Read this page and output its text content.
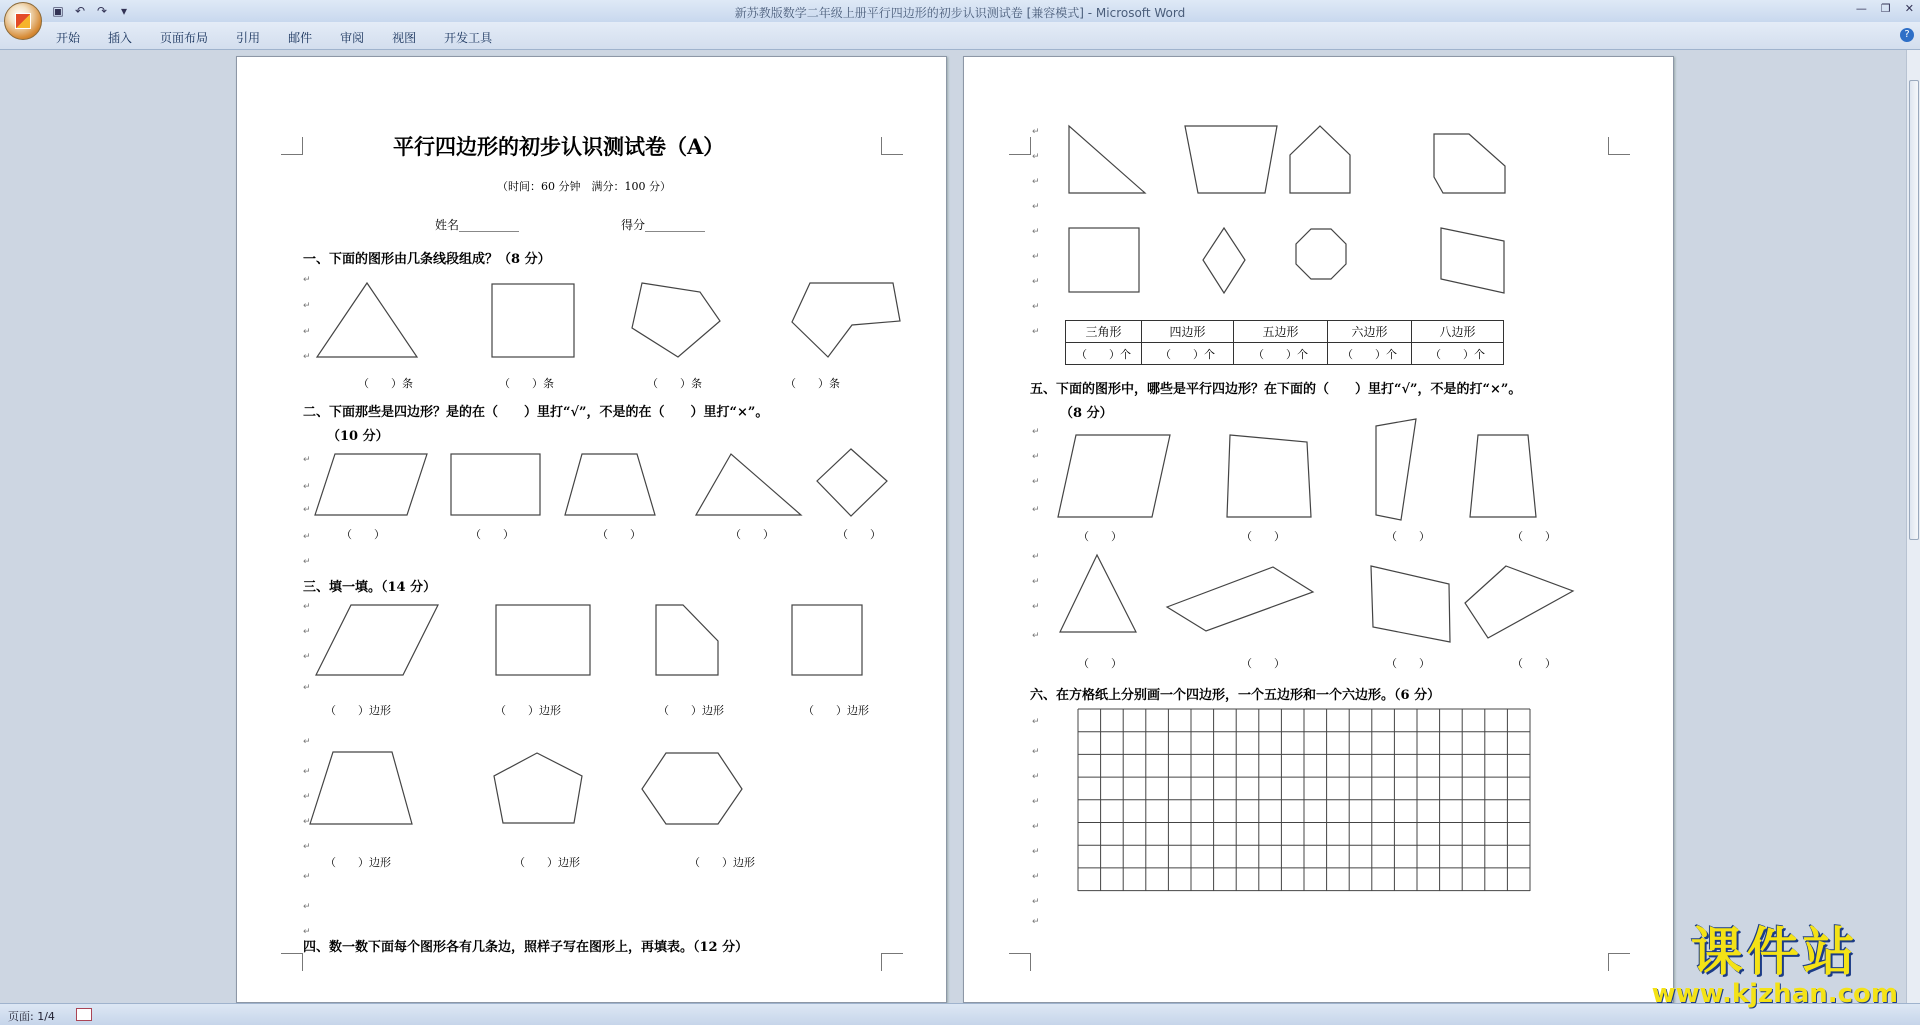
▣ ↶ ↷	▾	新苏教版数学二年级上册平行四边形的初步认识测试卷 [兼容模式] - Microsoft Word	— ❐ ✕
开始 插入 页面布局 引用 邮件 审阅 视图 开发工具	?
平行四边形的初步认识测试卷（A）
（时间：60 分钟　满分：100 分）
姓名__________	得分__________
一、下面的图形由几条线段组成？（8 分）
（　　）条	（　　）条	（　　）条	（　　）条
二、下面那些是四边形？是的在（　　）里打“√”，不是的在（　　）里打“×”。
（10 分）
（　　）	（　　）	（　　）	（　　）	（　　）
三、填一填。（14 分）
（　　）边形	（　　）边形	（　　）边形	（　　）边形
（　　）边形	（　　）边形	（　　）边形
四、数一数下面每个图形各有几条边，照样子写在图形上，再填表。（12 分）
↵
↵
↵
↵
↵
↵
↵
↵
↵
↵
↵
↵
↵
↵
↵
↵
↵
↵
↵
↵
↵
三角形	四边形	五边形	六边形	八边形
（　　）个	（　　）个	（　　）个	（　　）个	（　　）个
五、下面的图形中，哪些是平行四边形？在下面的（　　）里打“√”，不是的打“×”。
（8 分）
（　　）	（　　）	（　　）	（　　）
（　　）	（　　）	（　　）	（　　）
六、在方格纸上分别画一个四边形，一个五边形和一个六边形。（6 分）
↵
↵
↵
↵
↵
↵
↵
↵
↵
↵
↵
↵
↵
↵
↵
↵
↵
↵
↵
↵
↵
↵
↵
↵
↵
↵
页面: 1/4
课件站
www.kjzhan.com
